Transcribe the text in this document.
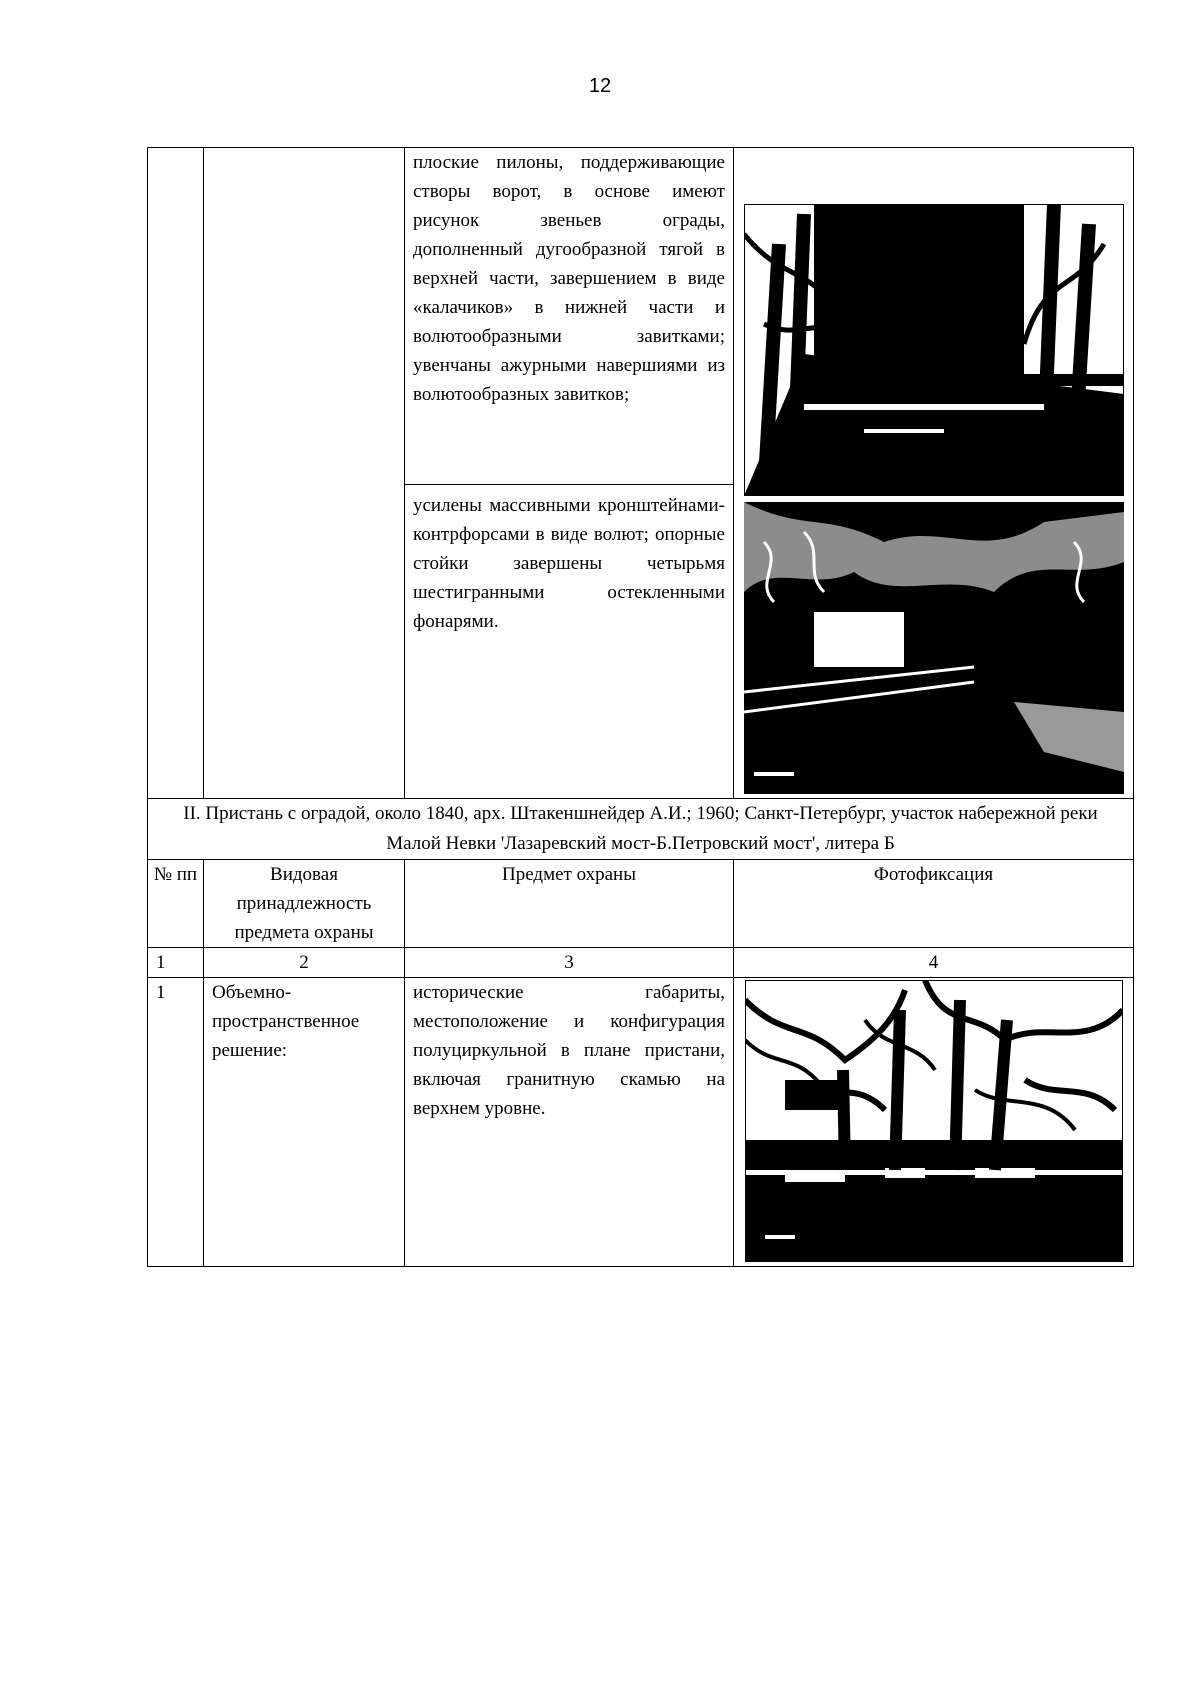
12
		плоские пилоны, поддерживающие створы ворот, в основе имеют рисунок звеньев ограды, дополненный дугообразной тягой в верхней части, завершением в виде «калачиков» в нижней части и волютообразными завитками; увенчаны ажурными навершиями из волютообразных завитков;	

		усилены массивными кронштейнами-контрфорсами в виде волют; опорные стойки завершены четырьмя шестигранными остекленными фонарями.	
II. Пристань с оградой, около 1840, арх. Штакеншнейдер А.И.; 1960; Санкт-Петербург, участок набережной реки Малой Невки 'Лазаревский мост-Б.Петровский мост', литера Б			
№ пп	Видовая принадлежность предмета охраны	Предмет охраны	Фотофиксация
1	2	3	4
1	Объемно-пространственное решение:	исторические габариты, местоположение и конфигурация полуциркульной в плане пристани, включая гранитную скамью на верхнем уровне.	
